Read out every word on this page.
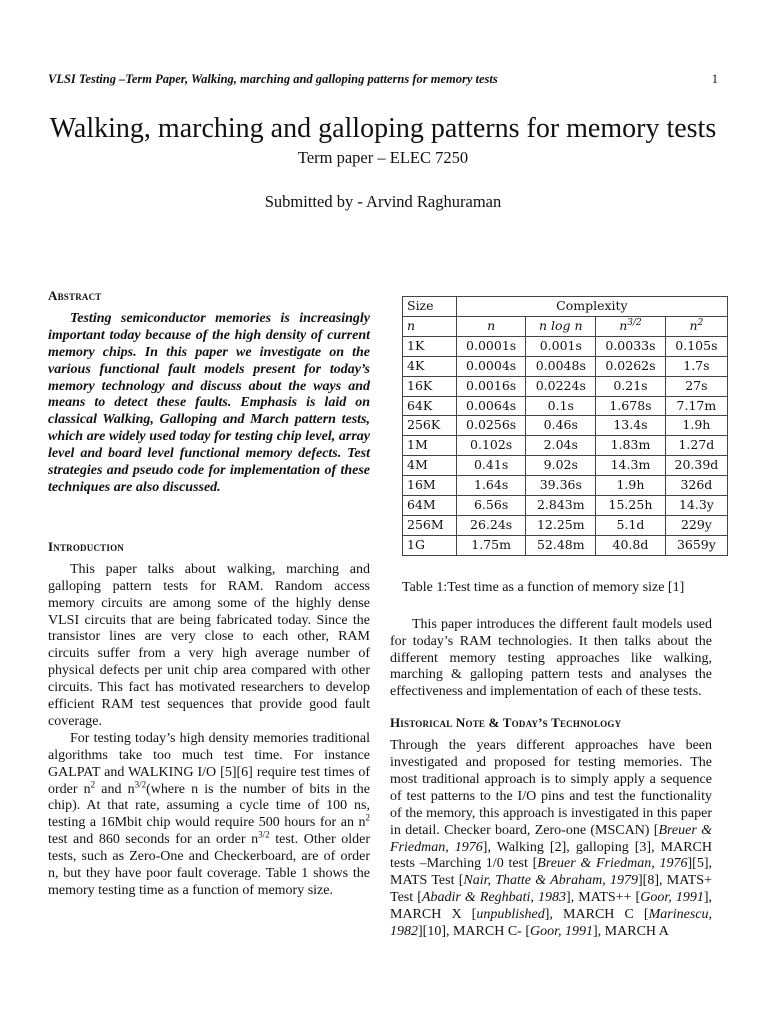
VLSI Testing –Term Paper, Walking, marching and galloping patterns for memory tests	1
Walking, marching and galloping patterns for memory tests
Term paper – ELEC 7250
Submitted by - Arvind Raghuraman
Abstract

Testing semiconductor memories is increasingly important today because of the high density of current memory chips. In this paper we investigate on the various functional fault models present for today’s memory technology and discuss about the ways and means to detect these faults. Emphasis is laid on classical Walking, Galloping and March pattern tests, which are widely used today for testing chip level, array level and board level functional memory defects. Test strategies and pseudo code for implementation of these techniques are also discussed.

Introduction

This paper talks about walking, marching and galloping pattern tests for RAM. Random access memory circuits are among some of the highly dense VLSI circuits that are being fabricated today. Since the transistor lines are very close to each other, RAM circuits suffer from a very high average number of physical defects per unit chip area compared with other circuits. This fact has motivated researchers to develop efficient RAM test sequences that provide good fault coverage.

For testing today’s high density memories traditional algorithms take too much test time. For instance GALPAT and WALKING I/O [5][6] require test times of order $n^2$ and $n^{3/2}(where$ n is the number of bits in the chip). At that rate, assuming a cycle time of 100 ns, testing a 16Mbit chip would require 500 hours for an $n^2$ test and 860 seconds for an order $n^{3/2}$ test. Other older tests, such as Zero-One and Checkerboard, are of order n, but they have poor fault coverage. Table 1 shows the memory testing time as a function of memory size.

Size	Complexity			
n	n	n log n	$n^{3/2}$	$n^2$
1K	0.0001s	0.001s	0.0033s	0.105s
4K	0.0004s	0.0048s	0.0262s	1.7s
16K	0.0016s	0.0224s	0.21s	27s
64K	0.0064s	0.1s	1.678s	7.17m
256K	0.0256s	0.46s	13.4s	1.9h
1M	0.102s	2.04s	1.83m	1.27d
4M	0.41s	9.02s	14.3m	20.39d
16M	1.64s	39.36s	1.9h	326d
64M	6.56s	2.843m	15.25h	14.3y
256M	26.24s	12.25m	5.1d	229y
1G	1.75m	52.48m	40.8d	3659y
Table 1:Test time as a function of memory size [1]

This paper introduces the different fault models used for today’s RAM technologies. It then talks about the different memory testing approaches like walking, marching & galloping pattern tests and analyses the effectiveness and implementation of each of these tests.

Historical Note & Today’s Technology

Through the years different approaches have been investigated and proposed for testing memories. The most traditional approach is to simply apply a sequence of test patterns to the I/O pins and test the functionality of the memory, this approach is investigated in this paper in detail. Checker board, Zero-one (MSCAN) [Breuer & Friedman, 1976], Walking [2], galloping [3], MARCH tests –Marching 1/0 test [Breuer & Friedman, 1976][5], MATS Test [Nair, Thatte & Abraham, 1979][8], MATS+ Test [Abadir & Reghbati, 1983], MATS++ [Goor, 1991], MARCH X [unpublished], MARCH C [Marinescu, 1982][10], MARCH C- [Goor, 1991], MARCH A
